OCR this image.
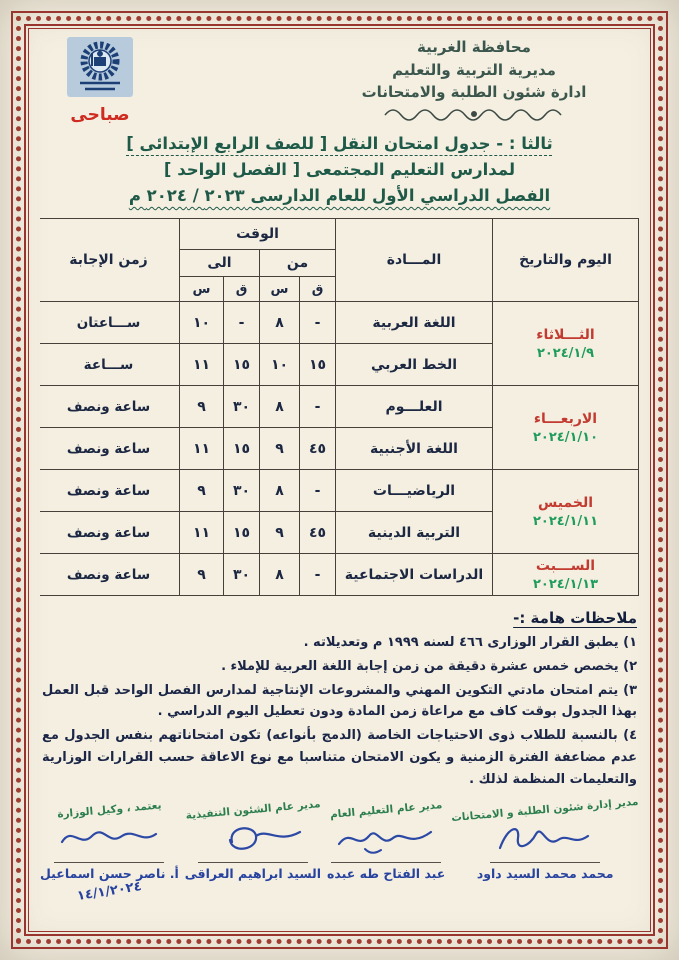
محافظة الغربية
مديرية التربية والتعليم
ادارة شئون الطلبة والامتحانات
صباحى
ثالثا : - جدول امتحان النقل [ للصف الرابع الإبتدائى ]
لمدارس التعليم المجتمعى [ الفصل الواحد ]
الفصل الدراسي الأول للعام الدارسى ٢٠٢٣ / ٢٠٢٤ م
اليوم والتاريخ	المـــادة	الوقت				زمن الإجابة
		من		الى		
		ق	س	ق	س	

الثـــلاثاء
٢٠٢٤/١/٩	اللغة العربية	-	٨	-	١٠	ســـاعتان
	الخط العربي	١٥	١٠	١٥	١١	ســـاعة

الاربعـــاء
٢٠٢٤/١/١٠	العلـــوم	-	٨	٣٠	٩	ساعة ونصف
	اللغة الأجنبية	٤٥	٩	١٥	١١	ساعة ونصف

الخميس
٢٠٢٤/١/١١	الرياضيـــات	-	٨	٣٠	٩	ساعة ونصف
	التربية الدينية	٤٥	٩	١٥	١١	ساعة ونصف

الســـبت
٢٠٢٤/١/١٣	الدراسات الاجتماعية	-	٨	٣٠	٩	ساعة ونصف
ملاحظات هامة :-
١) يطبق القرار الوزارى ٤٦٦ لسنه ١٩٩٩ م وتعديلاته .
٢) يخصص خمس عشرة دقيقة من زمن إجابة اللغة العربية للإملاء .
٣) يتم امتحان مادتي التكوين المهني والمشروعات الإنتاجية لمدارس الفصل الواحد قبل العمل بهذا الجدول بوقت كاف مع مراعاة زمن المادة ودون تعطيل اليوم الدراسي .
٤) بالنسبة للطلاب ذوى الاحتياجات الخاصة (الدمج بأنواعه) تكون امتحاناتهم بنفس الجدول مع عدم مضاعفة الفترة الزمنية و يكون الامتحان متناسبا مع نوع الاعاقة حسب القرارات الوزارية والتعليمات المنظمة لذلك .
مدير إدارة شئون الطلبة و الامتحانات
محمد محمد السيد داود
مدير عام التعليم العام
عبد الفتاح طه عبده
مدير عام الشئون التنفيذية
السيد ابراهيم العراقى
يعتمد ، وكيل الوزارة
أ. ناصر حسن اسماعيل
١٤/١/٢٠٢٤
